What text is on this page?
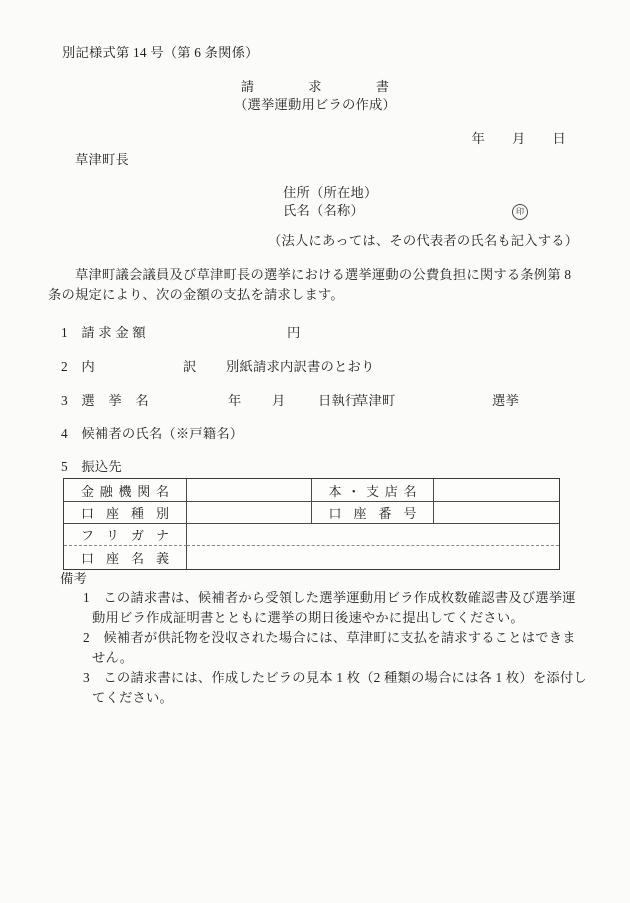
別記様式第 14 号（第 6 条関係）
請　　　　求　　　　書
（選挙運動用ビラの作成）
年　　月　　日
草津町長
住所（所在地）
氏名（名称）	印
（法人にあっては、その代表者の氏名も記入する）
草津町議会議員及び草津町長の選挙における選挙運動の公費負担に関する条例第 8
条の規定により、次の金額の支払を請求します。

1　請 求 金 額

	円

2　内

	訳

別紙請求内訳書のとおり

3　選　挙　名

	年

月

日執行

草津町

	選挙

4　候補者の氏名（※戸籍名）
5　振込先
金 融 機 関 名	本 ・ 支 店 名
口 座 種 別	口 座 番 号
フ リ ガ ナ
口 座 名 義
備考
1　この請求書は、候補者から受領した選挙運動用ビラ作成枚数確認書及び選挙運
動用ビラ作成証明書とともに選挙の期日後速やかに提出してください。
2　候補者が供託物を没収された場合には、草津町に支払を請求することはできま
せん。
3　この請求書には、作成したビラの見本 1 枚（2 種類の場合には各 1 枚）を添付し
てください。
